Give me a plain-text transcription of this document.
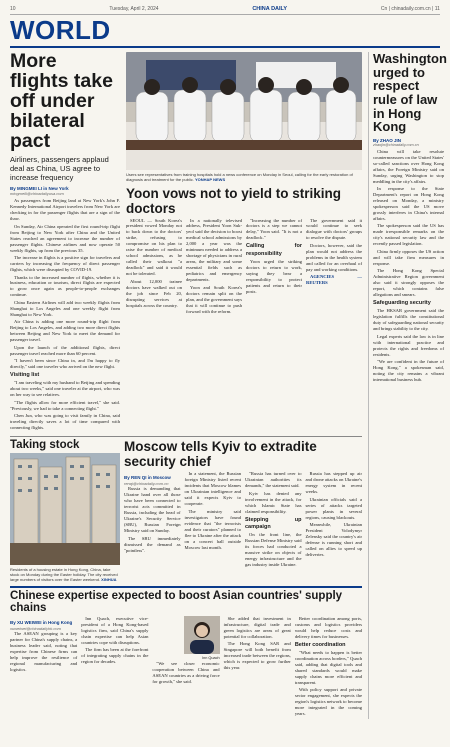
10	Tuesday, April 2, 2024	CHINA DAILY	Cn | chinadaily.com.cn | 11
WORLD
More flights take off under bilateral pact
Airliners, passengers applaud deal as China, US agree to increase frequency
By MINGMEI LI in New York
mingmeili@chinadailyusa.com

As passengers from Beijing land at New York's John F. Kennedy International Airport travelers from New York are checking in for the passenger flights that are a sign of the thaw.

On Sunday, Air China operated the first round-trip flight from Beijing to New York after China and the United States reached an agreement to increase the number of passenger flights. Chinese airlines and now operate 50 weekly flights, up from the previous 35.

The increase in flights is a positive sign for travelers and carriers by increasing the frequency of direct passenger flights, which were disrupted by COVID-19.

Thanks to the increased number of flights, whether it is business, education or tourism, direct flights are expected to grow once again as people-to-people exchanges continue.

China Eastern Airlines will add two weekly flights from Shanghai to Los Angeles and one weekly flight from Shanghai to New York.

Air China is adding one more round-trip flight from Beijing to Los Angeles, and adding two more direct flights between Beijing and New York to meet the demand for passenger travel.

Upon the launch of the additional flights, direct passenger travel reached more than 60 percent.

"I haven't been since China in, and I'm happy to fly directly," said one traveler who arrived on the new flight.

Visiting list

"I am traveling with my husband to Beijing and spending about two weeks," said one traveler at the airport, who was on her way to see relatives.

"The flights allow for more efficient travel," she said. "Previously, we had to take a connecting flight."

Chen Jun, who was going to visit family in China, said traveling directly saves a lot of time compared with connecting flights.

Users see representatives from training hospitals hold a news conference on Monday in Seoul, calling for the early restoration of diagnosis and treatment for the public. YONHAP NEWS
Yoon vows not to yield to striking doctors

SEOUL — South Korea's president vowed Monday not to back down to the doctors' strike, refusing to compromise on his plan to raise the number of medical school admissions, as he called their walkout "a deadlock" and said it would not be tolerated.

About 12,000 trainee doctors have walked out on the job since Feb 20, disrupting services at hospitals across the country.

In a nationally televised address, President Yoon Suk-yeol said the decision to boost medical school admissions by 2,000 a year was the minimum needed to address a shortage of physicians in rural areas, the military and some essential fields such as pediatrics and emergency departments.

Yoon and South Korea's doctors remain split on the plan, and the government says that it will continue to push forward with the reform.

"Increasing the number of doctors is a step we cannot delay," Yoon said. "It is not a deadlock."

Calling for responsibility

Yoon urged the striking doctors to return to work, saying they bear a responsibility to protect patients and return to their posts.

The government said it would continue to seek dialogue with doctors' groups to resolve the dispute.

Doctors, however, said the plan would not address the problems in the health system and called for an overhaul of pay and working conditions.

AGENCIES — REUTERS

Taking stock
Residents of a housing estate in Hong Kong, China, take stock on Monday during the Easter holiday. The city received large numbers of visitors over the Easter weekend. XINHUA
Moscow tells Kyiv to extradite security chief
By REN QI in Moscow
renqi@chinadaily.com.cn

Russia is demanding that Ukraine hand over all those who have been connected to terrorist acts committed in Russia, including the head of Ukraine's Security Service (SBU), Russian Foreign Ministry said on Sunday.

The SBU immediately dismissed the demand as "pointless".

In a statement, the Russian foreign Ministry listed recent incidents that Moscow blames on Ukrainian intelligence and said it expects Kyiv to cooperate.

The ministry said investigators have found evidence that "the terrorists and their curators" planned to flee to Ukraine after the attack on a concert hall outside Moscow last month.

"Russia has turned over to Ukrainian authorities its demands," the statement said.

Kyiv has denied any involvement in the attack, for which Islamic State has claimed responsibility.

Stepping up campaign

On the front line, the Russian Defense Ministry said its forces had conducted a massive strike on objects of energy infrastructure and the gas industry inside Ukraine.

Russia has stepped up air and drone attacks on Ukraine's energy system in recent weeks.

Ukrainian officials said a series of attacks targeted power plants in several regions, causing blackouts.

Meanwhile, Ukrainian President Volodymyr Zelensky said the country's air defense is running short and called on allies to speed up deliveries.

Chinese expertise expected to boost Asian countries' supply chains
By XU WEIWEI in Hong Kong
xuweiwei@chinadailyhk.com

The ASEAN grouping is a key partner for China's supply chains, a business leader said, noting that expertise from Chinese firms can help improve the resilience of regional manufacturing and logistics.

Inn Quach, executive vice-president of a Hong Kong-based logistics firm, said China's supply chain expertise can help Asian countries cope with disruptions.

The firm has been at the forefront of integrating supply chains in the region for decades.

Inn Quach

"We see closer economic cooperation between China and ASEAN countries as a driving force for growth," she said.

She added that investment in infrastructure, digital trade and green logistics are areas of great potential for collaboration.

The Hong Kong SAR and Singapore will both benefit from increased trade between the regions, which is expected to grow further this year.

Better coordination among ports, customs and logistics providers would help reduce costs and delivery times for businesses.

Better coordination

"What needs to happen is better coordination across borders," Quach said, adding that digital tools and shared standards would make supply chains more efficient and transparent.

With policy support and private sector engagement, she expects the region's logistics network to become more integrated in the coming years.

Washington urged to respect rule of law in Hong Kong
By ZHAO JIN
zhaojin@chinadaily.com.cn

China will take resolute countermeasures on the United States' so-called sanctions over Hong Kong affairs, the Foreign Ministry said on Sunday, urging Washington to stop meddling in the city's affairs.

In response to the State Department's report on Hong Kong released on Monday, a ministry spokesperson said the US move grossly interferes in China's internal affairs.

The spokesperson said the US has made irresponsible remarks on the city's national security law and the recently passed legislation.

China firmly opposes the US action and will take firm measures in response.

The Hong Kong Special Administrative Region government also said it strongly opposes the report, which contains false allegations and smears.

Safeguarding security

The HKSAR government said the legislation fulfills the constitutional duty of safeguarding national security and brings stability to the city.

Legal experts said the law is in line with international practice and protects the rights and freedoms of residents.

"We are confident in the future of Hong Kong," a spokesman said, noting the city remains a vibrant international business hub.
